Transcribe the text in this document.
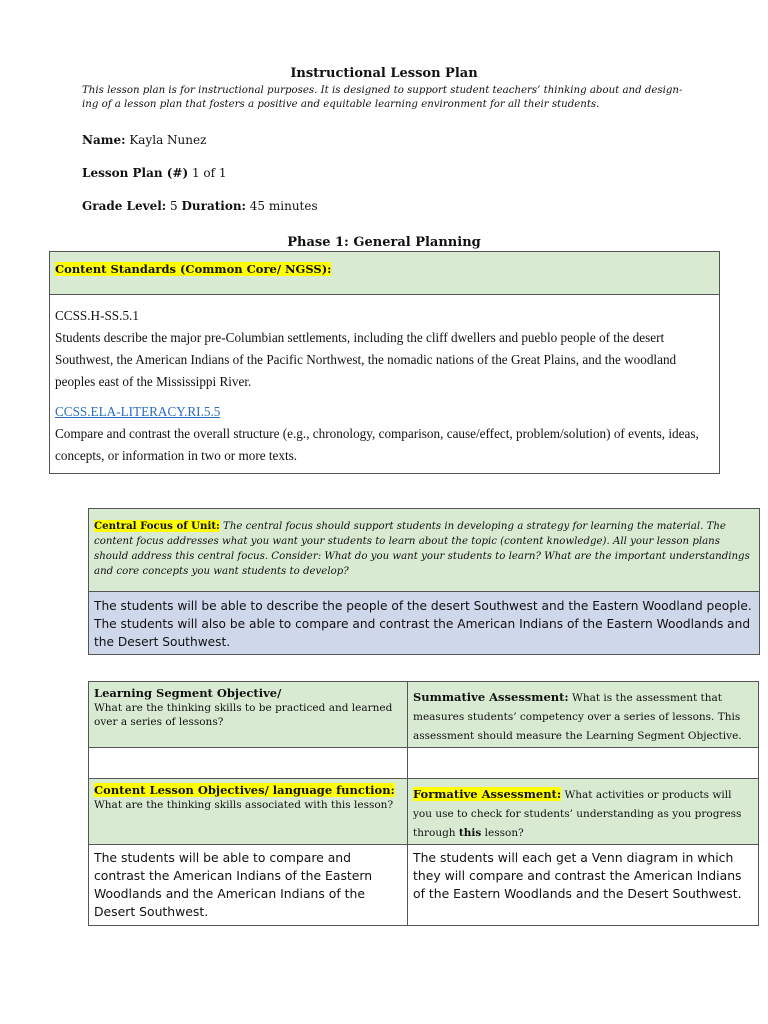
Instructional Lesson Plan
This lesson plan is for instructional purposes. It is designed to support student teachers’ thinking about and design-ing of a lesson plan that fosters a positive and equitable learning environment for all their students.
Name: Kayla Nunez
Lesson Plan (#) 1 of 1
Grade Level: 5 Duration: 45 minutes
Phase 1: General Planning
Content Standards (Common Core/ NGSS):
CCSS.H-SS.5.1
Students describe the major pre-Columbian settlements, including the cliff dwellers and pueblo people of the desert Southwest, the American Indians of the Pacific Northwest, the nomadic nations of the Great Plains, and the woodland peoples east of the Mississippi River.
CCSS.ELA-LITERACY.RI.5.5
Compare and contrast the overall structure (e.g., chronology, comparison, cause/effect, problem/solution) of events, ideas, concepts, or information in two or more texts.
Central Focus of Unit: The central focus should support students in developing a strategy for learning the material. The content focus addresses what you want your students to learn about the topic (content knowledge). All your lesson plans should address this central focus. Consider: What do you want your students to learn? What are the important understandings and core concepts you want students to develop?
The students will be able to describe the people of the desert Southwest and the Eastern Woodland people. The students will also be able to compare and contrast the American Indians of the Eastern Woodlands and the Desert Southwest.
Learning Segment Objective/
What are the thinking skills to be practiced and learned over a series of lessons?	Summative Assessment: What is the assessment that measures students’ competency over a series of lessons. This assessment should measure the Learning Segment Objective.

Content Lesson Objectives/ language function:
What are the thinking skills associated with this lesson?	Formative Assessment: What activities or products will you use to check for students’ understanding as you progress through this lesson?
The students will be able to compare and contrast the American Indians of the Eastern Woodlands and the American Indians of the Desert Southwest.	The students will each get a Venn diagram in which they will compare and contrast the American Indians of the Eastern Woodlands and the Desert Southwest.
